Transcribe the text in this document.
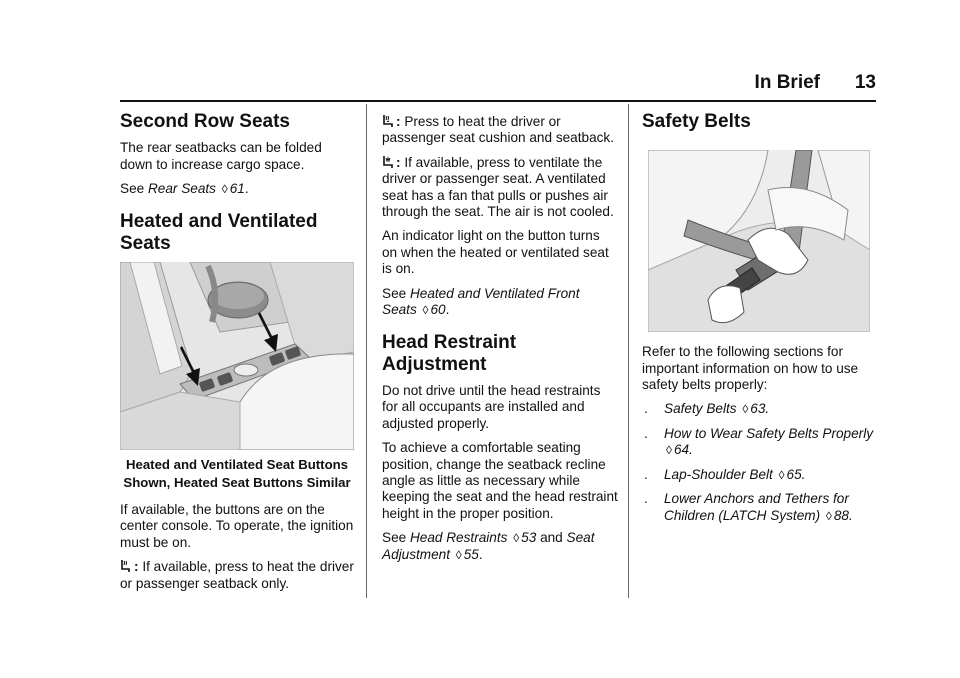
In Brief 13
Second Row Seats

The rear seatbacks can be folded down to increase cargo space.

See Rear Seats ◊ 61.

Heated and Ventilated Seats
Heated and Ventilated Seat Buttons Shown, Heated Seat Buttons Similar

If available, the buttons are on the center console. To operate, the ignition must be on.

: If available, press to heat the driver or passenger seatback only.

: Press to heat the driver or passenger seat cushion and seatback.

: If available, press to ventilate the driver or passenger seat. A ventilated seat has a fan that pulls or pushes air through the seat. The air is not cooled.

An indicator light on the button turns on when the heated or ventilated seat is on.

See Heated and Ventilated Front Seats ◊ 60.

Head Restraint Adjustment

Do not drive until the head restraints for all occupants are installed and adjusted properly.

To achieve a comfortable seating position, change the seatback recline angle as little as necessary while keeping the seat and the head restraint height in the proper position.

See Head Restraints ◊ 53 and Seat Adjustment ◊ 55.

Safety Belts

Refer to the following sections for important information on how to use safety belts properly:

. Safety Belts ◊ 63.
. How to Wear Safety Belts Properly ◊ 64.
. Lap-Shoulder Belt ◊ 65.
. Lower Anchors and Tethers for Children (LATCH System) ◊ 88.
